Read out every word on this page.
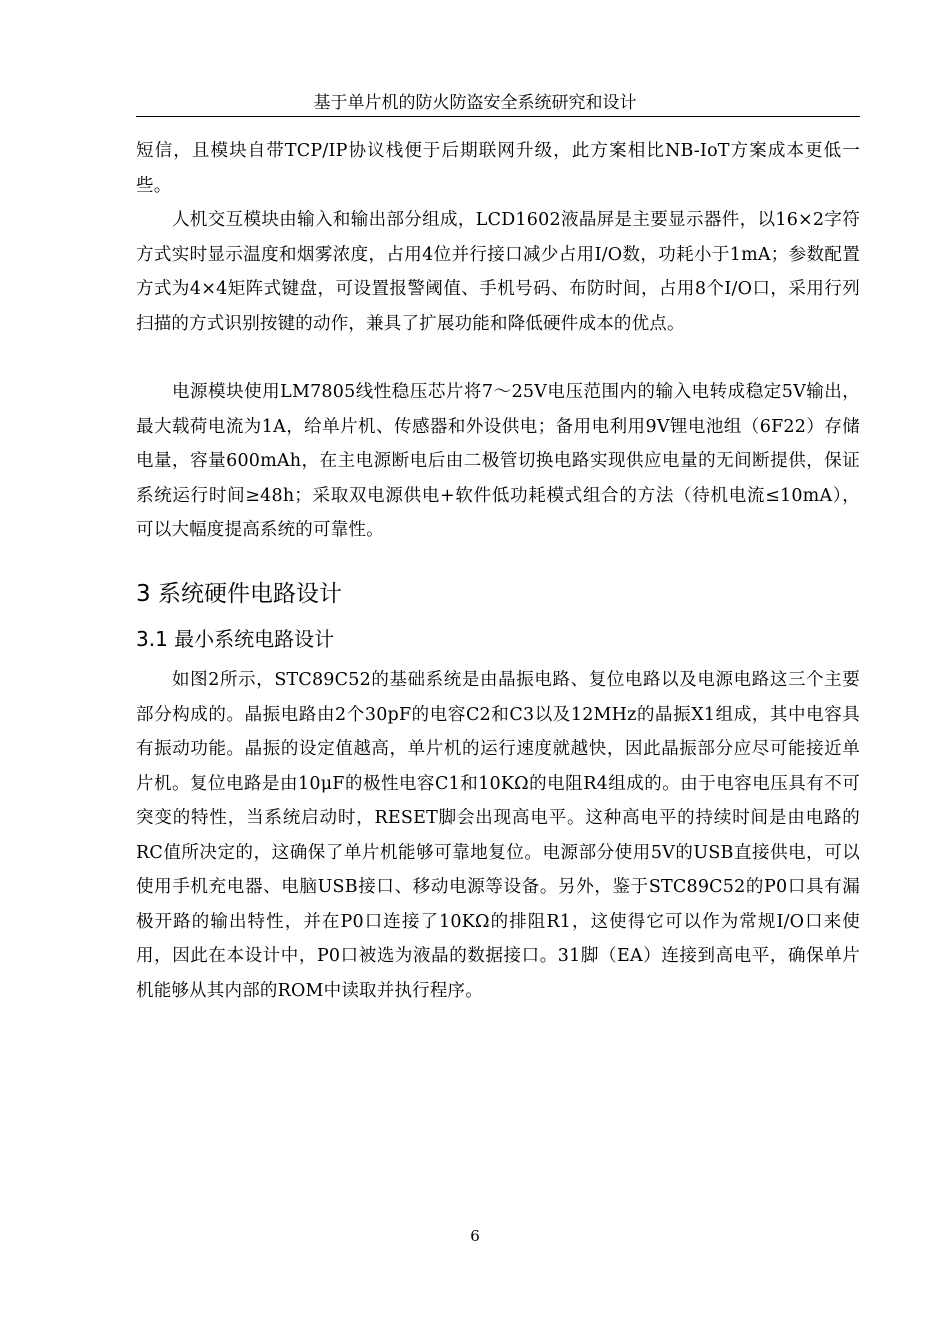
基于单片机的防火防盗安全系统研究和设计

短信，且模块自带TCP/IP协议栈便于后期联网升级，此方案相比NB-IoT方案成本更低一些。

人机交互模块由输入和输出部分组成，LCD1602液晶屏是主要显示器件，以16×2字符方式实时显示温度和烟雾浓度，占用4位并行接口减少占用I/O数，功耗小于1mA；参数配置方式为4×4矩阵式键盘，可设置报警阈值、手机号码、布防时间，占用8个I/O口，采用行列扫描的方式识别按键的动作，兼具了扩展功能和降低硬件成本的优点。

电源模块使用LM7805线性稳压芯片将7～25V电压范围内的输入电转成稳定5V输出，最大载荷电流为1A，给单片机、传感器和外设供电；备用电利用9V锂电池组（6F22）存储电量，容量600mAh，在主电源断电后由二极管切换电路实现供应电量的无间断提供，保证系统运行时间≥48h；采取双电源供电+软件低功耗模式组合的方法（待机电流≤10mA），可以大幅度提高系统的可靠性。

3 系统硬件电路设计
3.1 最小系统电路设计

如图2所示，STC89C52的基础系统是由晶振电路、复位电路以及电源电路这三个主要部分构成的。晶振电路由2个30pF的电容C2和C3以及12MHz的晶振X1组成，其中电容具有振动功能。晶振的设定值越高，单片机的运行速度就越快，因此晶振部分应尽可能接近单片机。复位电路是由10μF的极性电容C1和10KΩ的电阻R4组成的。由于电容电压具有不可突变的特性，当系统启动时，RESET脚会出现高电平。这种高电平的持续时间是由电路的RC值所决定的，这确保了单片机能够可靠地复位。电源部分使用5V的USB直接供电，可以使用手机充电器、电脑USB接口、移动电源等设备。另外，鉴于STC89C52的P0口具有漏极开路的输出特性，并在P0口连接了10KΩ的排阻R1，这使得它可以作为常规I/O口来使用，因此在本设计中，P0口被选为液晶的数据接口。31脚（EA）连接到高电平，确保单片机能够从其内部的ROM中读取并执行程序。

6
